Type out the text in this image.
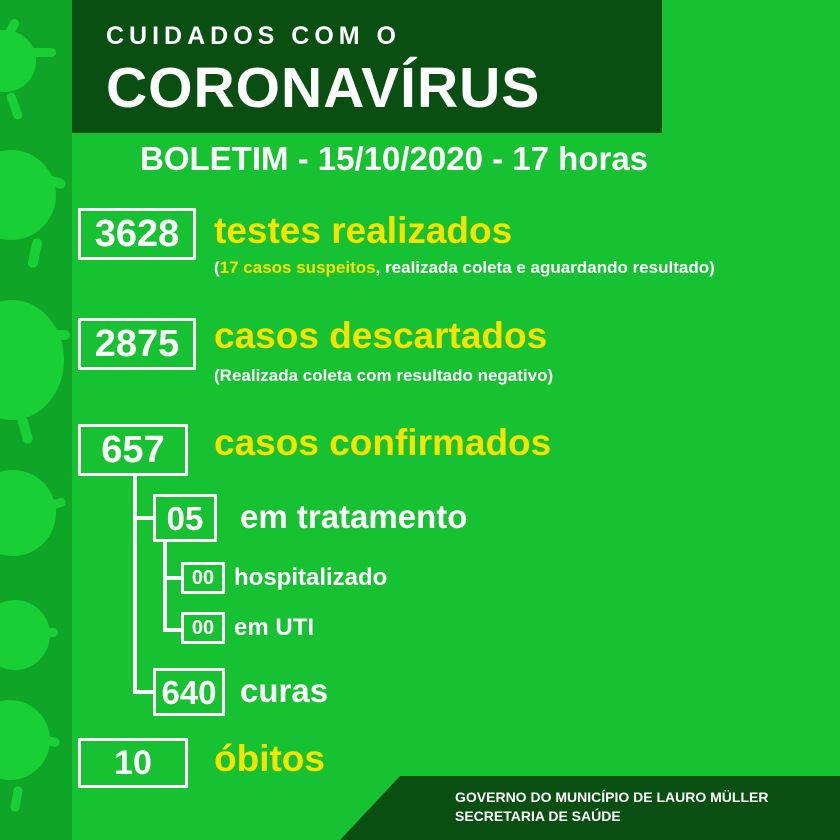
CUIDADOS COM O
CORONAVÍRUS
BOLETIM - 15/10/2020 - 17 horas
3628 testes realizados
(17 casos suspeitos, realizada coleta e aguardando resultado)
2875 casos descartados
(Realizada coleta com resultado negativo)
657 casos confirmados
05 em tratamento
00 hospitalizado
00 em UTI
640 curas
10 óbitos
GOVERNO DO MUNICÍPIO DE LAURO MÜLLER
SECRETARIA DE SAÚDE
